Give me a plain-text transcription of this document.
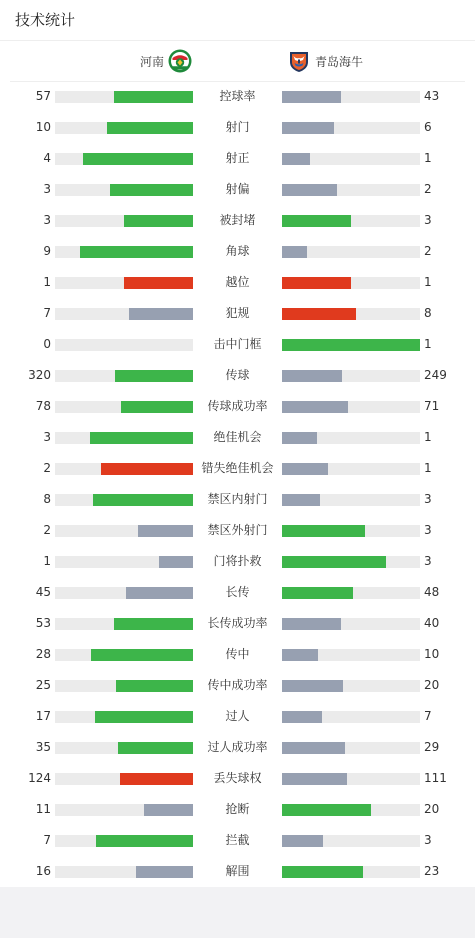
技术统计
河南	青岛海牛
57	控球率	43
10	射门	6
4	射正	1
3	射偏	2
3	被封堵	3
9	角球	2
1	越位	1
7	犯规	8
0	击中门框	1
320	传球	249
78	传球成功率	71
3	绝佳机会	1
2	错失绝佳机会	1
8	禁区内射门	3
2	禁区外射门	3
1	门将扑救	3
45	长传	48
53	长传成功率	40
28	传中	10
25	传中成功率	20
17	过人	7
35	过人成功率	29
124	丢失球权	111
11	抢断	20
7	拦截	3
16	解围	23
